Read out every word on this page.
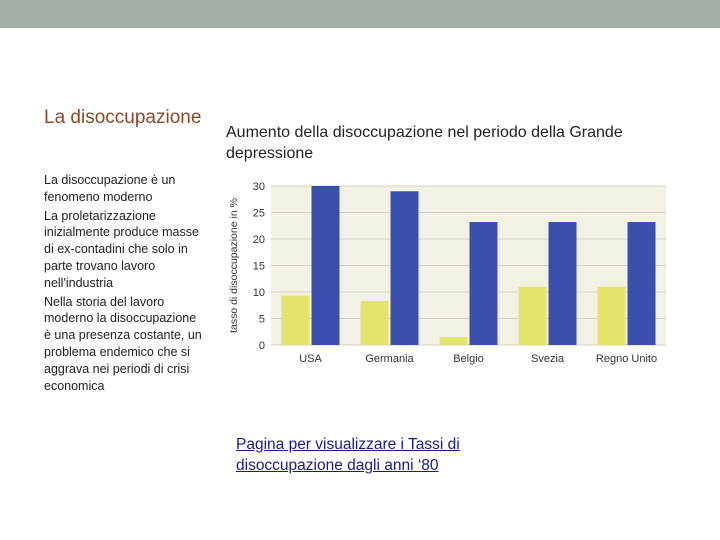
La disoccupazione

La disoccupazione è un fenomeno moderno

La proletarizzazione inizialmente produce masse di ex-contadini che solo in parte trovano lavoro nell'industria

Nella storia del lavoro moderno la disoccupazione è una presenza costante, un problema endemico che si aggrava nei periodi di crisi economica

Aumento della disoccupazione nel periodo della Grande depressione
0
5
10
15
20
25
30
USA	Germania	Belgio	Svezia	Regno Unito
tasso di disoccupazione in %
Pagina per visualizzare i Tassi di disoccupazione dagli anni ‘80
